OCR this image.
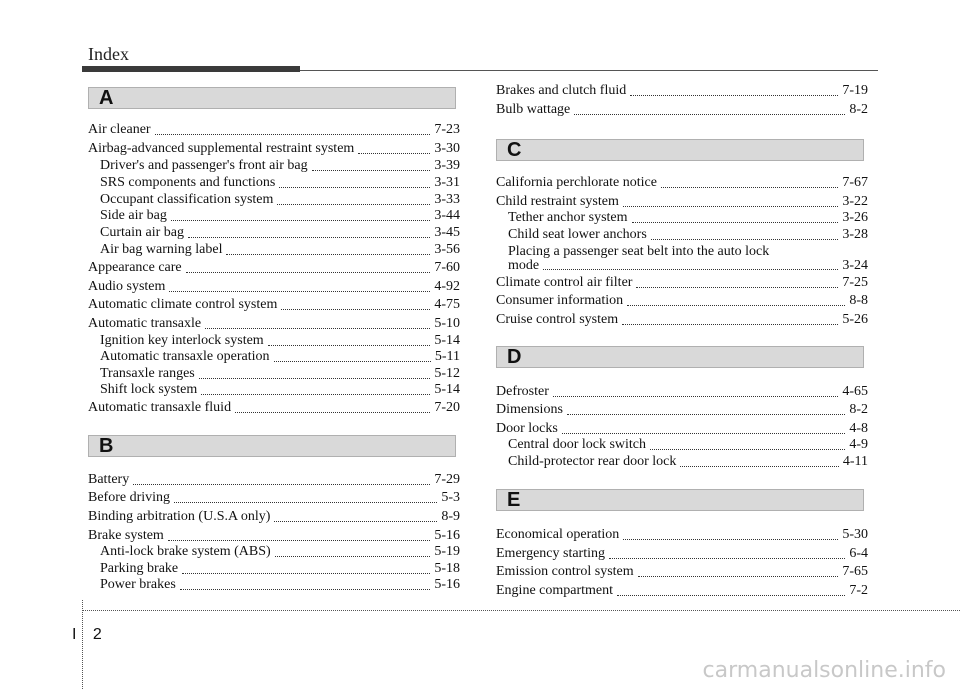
Index
A
Air cleaner	7-23
Airbag-advanced supplemental restraint system	3-30
Driver's and passenger's front air bag	3-39
SRS components and functions	3-31
Occupant classification system	3-33
Side air bag	3-44
Curtain air bag	3-45
Air bag warning label	3-56
Appearance care	7-60
Audio system	4-92
Automatic climate control system	4-75
Automatic transaxle	5-10
Ignition key interlock system	5-14
Automatic transaxle operation	5-11
Transaxle ranges	5-12
Shift lock system	5-14
Automatic transaxle fluid	7-20
B
Battery	7-29
Before driving	5-3
Binding arbitration (U.S.A only)	8-9
Brake system	5-16
Anti-lock brake system (ABS)	5-19
Parking brake	5-18
Power brakes	5-16
Brakes and clutch fluid	7-19
Bulb wattage	8-2
C
California perchlorate notice	7-67
Child restraint system	3-22
Tether anchor system	3-26
Child seat lower anchors	3-28
Placing a passenger seat belt into the auto lock
mode	3-24
Climate control air filter	7-25
Consumer information	8-8
Cruise control system	5-26
D
Defroster	4-65
Dimensions	8-2
Door locks	4-8
Central door lock switch	4-9
Child-protector rear door lock	4-11
E
Economical operation	5-30
Emergency starting	6-4
Emission control system	7-65
Engine compartment	7-2
I 2
carmanualsonline.info
